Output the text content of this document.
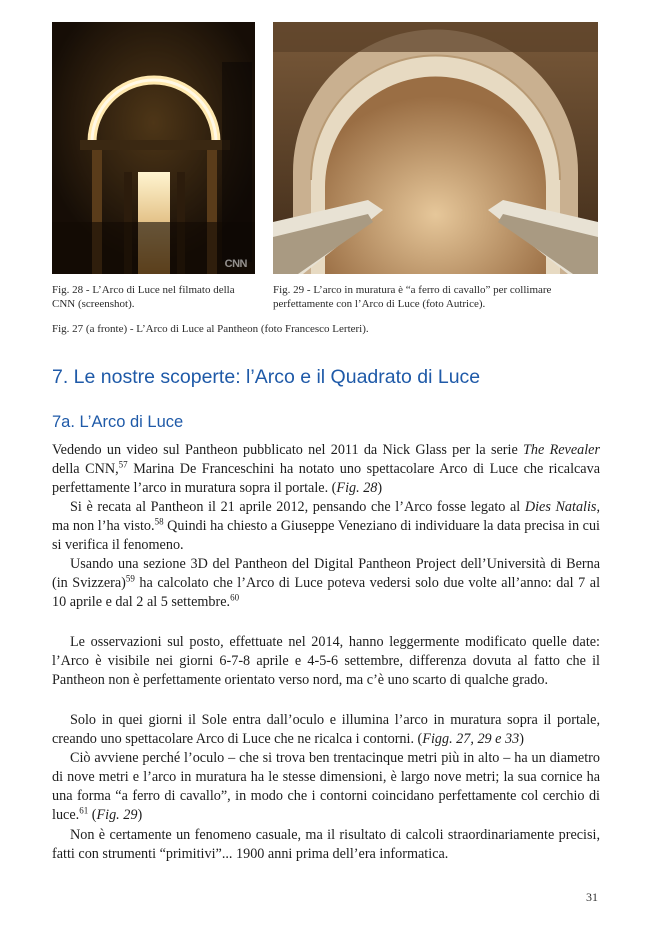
CNN
Fig. 28 - L’Arco di Luce nel filmato della CNN (screenshot).
Fig. 29 - L’arco in muratura è “a ferro di cavallo” per collimare perfettamente con l’Arco di Luce (foto Autrice).
Fig. 27 (a fronte) - L’Arco di Luce al Pantheon (foto Francesco Lerteri).
7. Le nostre scoperte: l’Arco e il Quadrato di Luce
7a. L’Arco di Luce

Vedendo un video sul Pantheon pubblicato nel 2011 da Nick Glass per la serie The Revealer della CNN,$^{57}$ Marina De Franceschini ha notato uno spettacolare Arco di Luce che ricalcava perfettamente l’arco in muratura sopra il portale. (Fig. 28)

Si è recata al Pantheon il 21 aprile 2012, pensando che l’Arco fosse legato al Dies Natalis, ma non l’ha visto.$^{58}$ Quindi ha chiesto a Giuseppe Veneziano di individuare la data precisa in cui si verifica il fenomeno.

Usando una sezione 3D del Pantheon del Digital Pantheon Project dell’Università di Berna (in Svizzera)$^{59}$ ha calcolato che l’Arco di Luce poteva vedersi solo due volte all’anno: dal 7 al 10 aprile e dal 2 al 5 settembre.$^{60}$

Le osservazioni sul posto, effettuate nel 2014, hanno leggermente modificato quelle date: l’Arco è visibile nei giorni 6-7-8 aprile e 4-5-6 settembre, differenza dovuta al fatto che il Pantheon non è perfettamente orientato verso nord, ma c’è uno scarto di qualche grado.

Solo in quei giorni il Sole entra dall’oculo e illumina l’arco in muratura sopra il portale, creando uno spettacolare Arco di Luce che ne ricalca i contorni. (Figg. 27, 29 e 33)

Ciò avviene perché l’oculo – che si trova ben trentacinque metri più in alto – ha un diametro di nove metri e l’arco in muratura ha le stesse dimensioni, è largo nove metri; la sua cornice ha una forma “a ferro di cavallo”, in modo che i contorni coincidano perfettamente col cerchio di luce.$^{61}$ (Fig. 29)

Non è certamente un fenomeno casuale, ma il risultato di calcoli straordinariamente precisi, fatti con strumenti “primitivi”... 1900 anni prima dell’era informatica.

31
